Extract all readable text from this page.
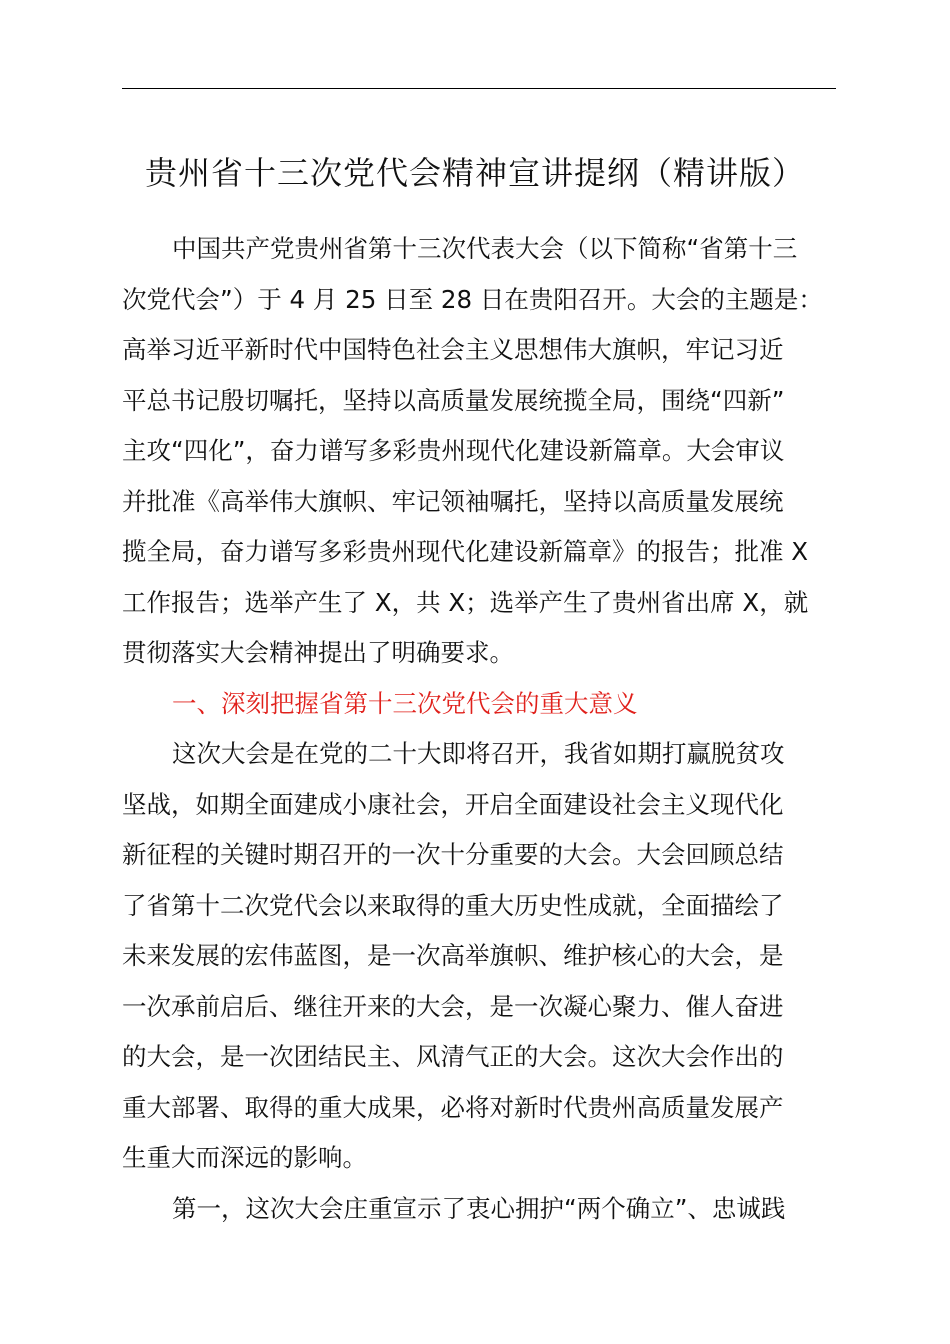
贵州省十三次党代会精神宣讲提纲（精讲版）
中国共产党贵州省第十三次代表大会（以下简称“省第十三
次党代会”）于 4 月 25 日至 28 日在贵阳召开。大会的主题是：
高举习近平新时代中国特色社会主义思想伟大旗帜，牢记习近
平总书记殷切嘱托，坚持以高质量发展统揽全局，围绕“四新”
主攻“四化”，奋力谱写多彩贵州现代化建设新篇章。大会审议
并批准《高举伟大旗帜、牢记领袖嘱托，坚持以高质量发展统
揽全局，奋力谱写多彩贵州现代化建设新篇章》的报告；批准 X
工作报告；选举产生了 X，共 X；选举产生了贵州省出席 X，就
贯彻落实大会精神提出了明确要求。
一、深刻把握省第十三次党代会的重大意义
这次大会是在党的二十大即将召开，我省如期打赢脱贫攻
坚战，如期全面建成小康社会，开启全面建设社会主义现代化
新征程的关键时期召开的一次十分重要的大会。大会回顾总结
了省第十二次党代会以来取得的重大历史性成就，全面描绘了
未来发展的宏伟蓝图，是一次高举旗帜、维护核心的大会，是
一次承前启后、继往开来的大会，是一次凝心聚力、催人奋进
的大会，是一次团结民主、风清气正的大会。这次大会作出的
重大部署、取得的重大成果，必将对新时代贵州高质量发展产
生重大而深远的影响。
第一，这次大会庄重宣示了衷心拥护“两个确立”、忠诚践
